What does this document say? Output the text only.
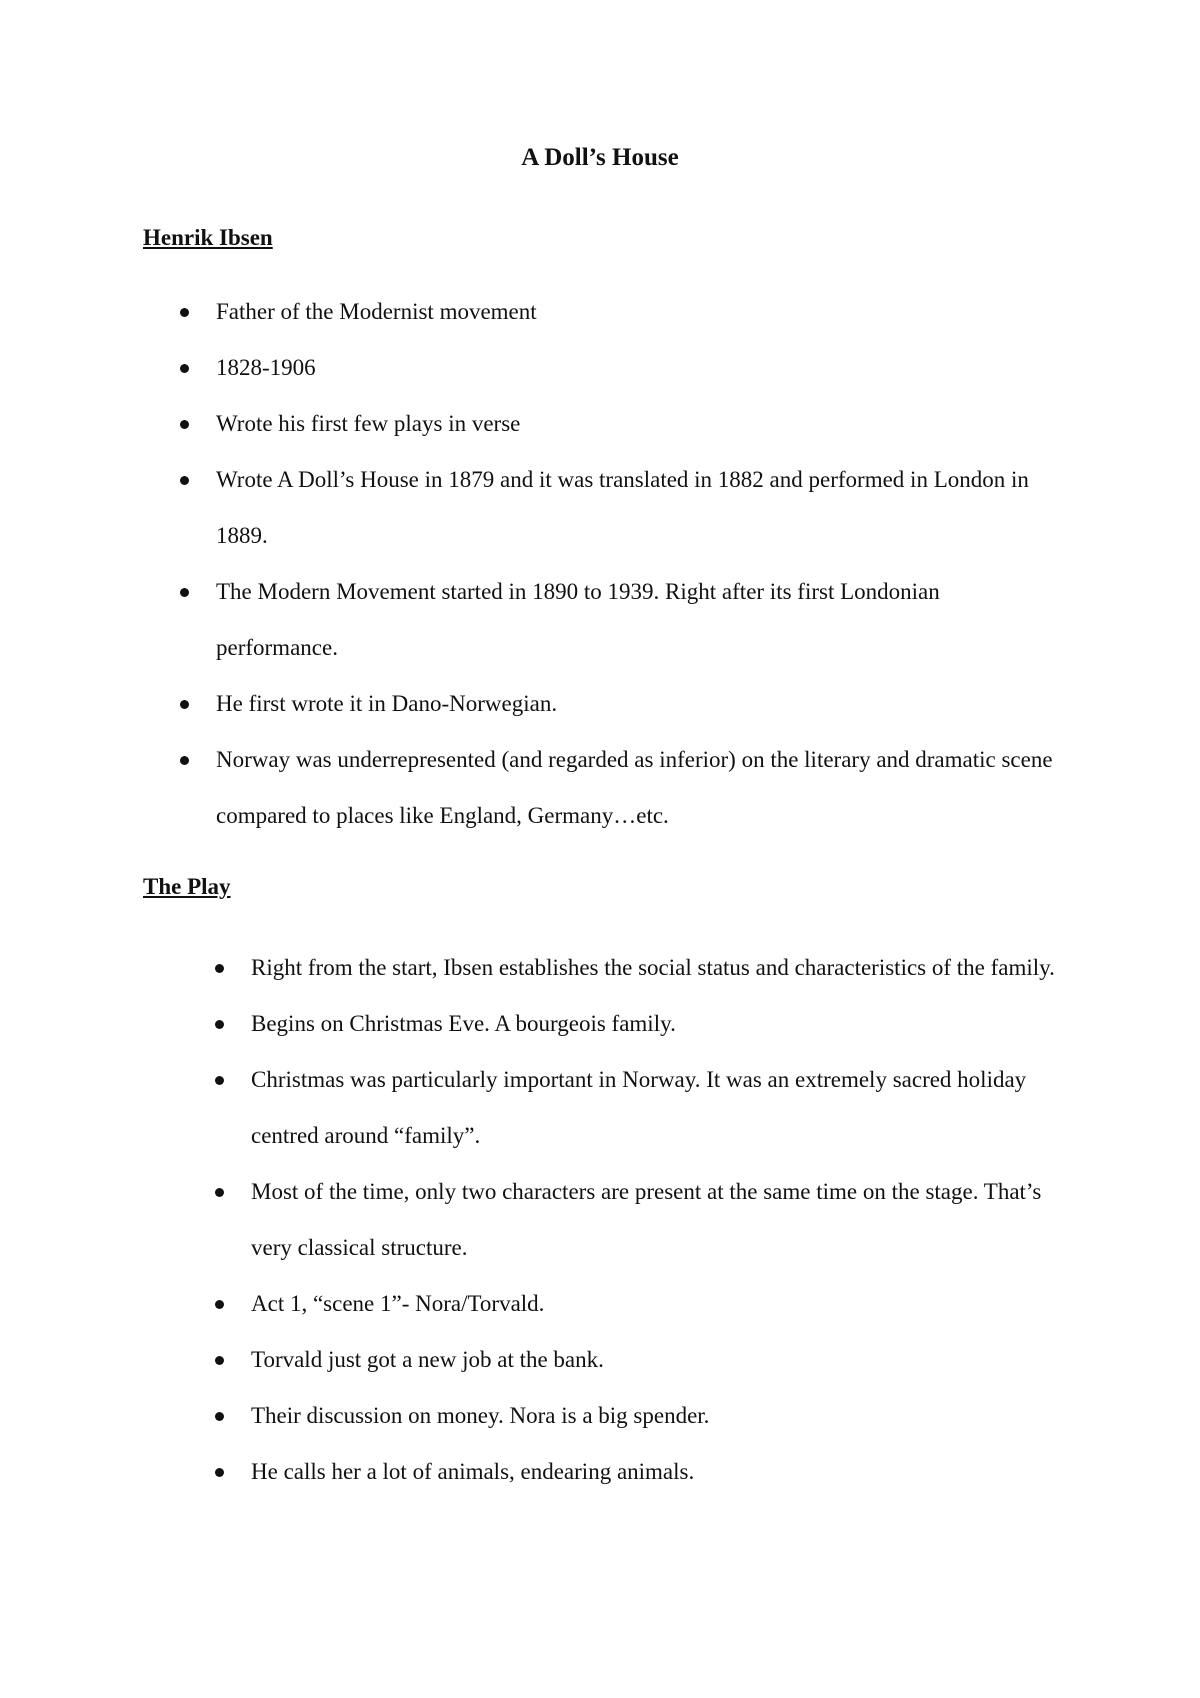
A Doll’s House
Henrik Ibsen
Father of the Modernist movement
1828-1906
Wrote his first few plays in verse
Wrote A Doll’s House in 1879 and it was translated in 1882 and performed in London in 1889.
The Modern Movement started in 1890 to 1939. Right after its first Londonian performance.
He first wrote it in Dano-Norwegian.
Norway was underrepresented (and regarded as inferior) on the literary and dramatic scene compared to places like England, Germany…etc.
The Play
Right from the start, Ibsen establishes the social status and characteristics of the family.
Begins on Christmas Eve. A bourgeois family.
Christmas was particularly important in Norway. It was an extremely sacred holiday centred around “family”.
Most of the time, only two characters are present at the same time on the stage. That’s very classical structure.
Act 1, “scene 1”- Nora/Torvald.
Torvald just got a new job at the bank.
Their discussion on money. Nora is a big spender.
He calls her a lot of animals, endearing animals.
